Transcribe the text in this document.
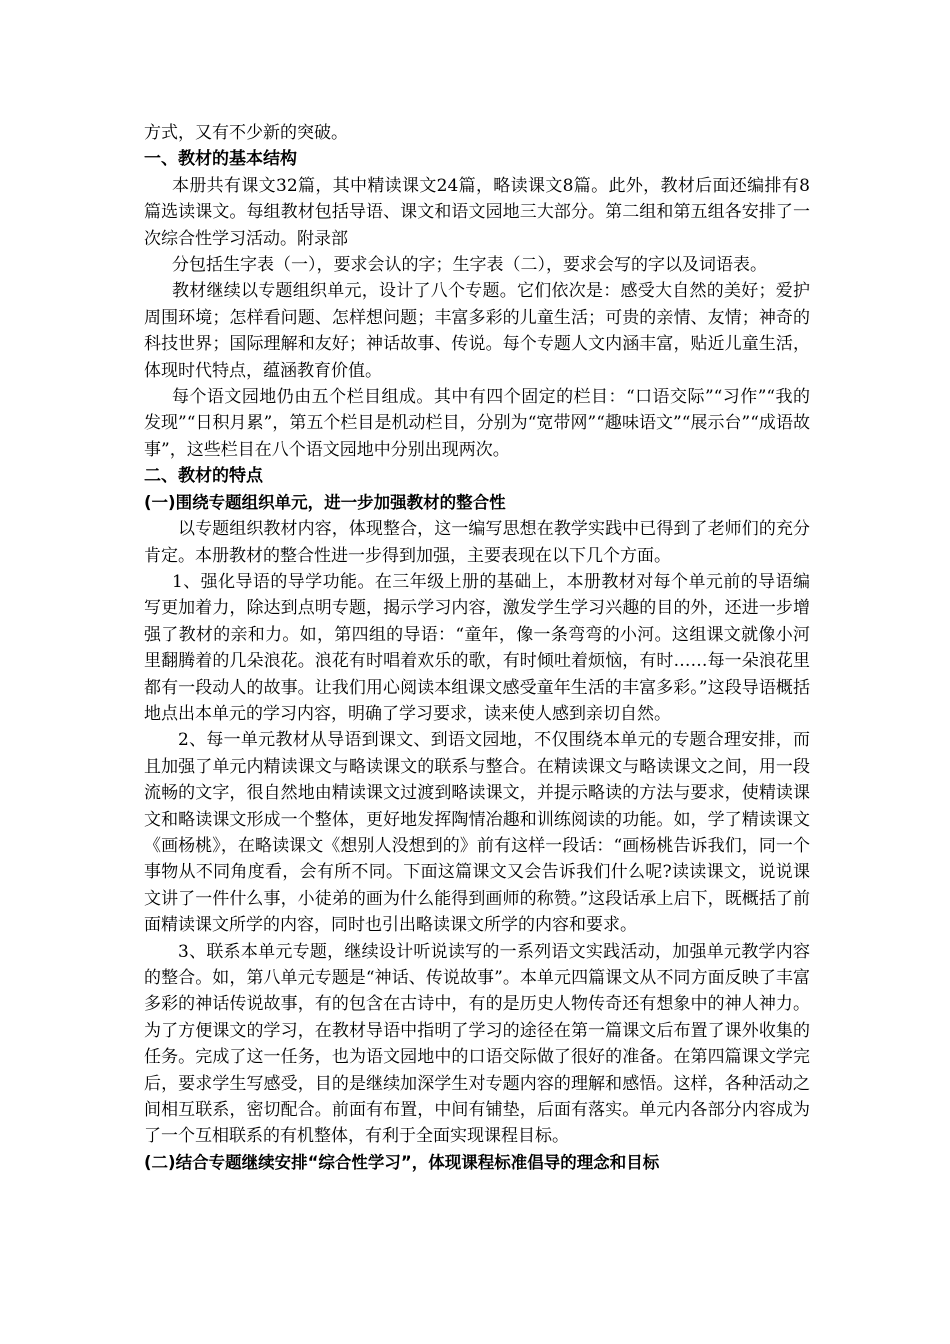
方式，又有不少新的突破。

一、教材的基本结构

本册共有课文32篇，其中精读课文24篇，略读课文8篇。此外，教材后面还编排有8篇选读课文。每组教材包括导语、课文和语文园地三大部分。第二组和第五组各安排了一次综合性学习活动。附录部

分包括生字表（一），要求会认的字；生字表（二），要求会写的字以及词语表。

教材继续以专题组织单元，设计了八个专题。它们依次是：感受大自然的美好；爱护周围环境；怎样看问题、怎样想问题；丰富多彩的儿童生活；可贵的亲情、友情；神奇的科技世界；国际理解和友好；神话故事、传说。每个专题人文内涵丰富，贴近儿童生活，体现时代特点，蕴涵教育价值。

每个语文园地仍由五个栏目组成。其中有四个固定的栏目：“口语交际”“习作”“我的发现”“日积月累”，第五个栏目是机动栏目，分别为“宽带网”“趣味语文”“展示台”“成语故事”，这些栏目在八个语文园地中分别出现两次。

二、教材的特点

(一)围绕专题组织单元，进一步加强教材的整合性

以专题组织教材内容，体现整合，这一编写思想在教学实践中已得到了老师们的充分肯定。本册教材的整合性进一步得到加强，主要表现在以下几个方面。

1、强化导语的导学功能。在三年级上册的基础上，本册教材对每个单元前的导语编写更加着力，除达到点明专题，揭示学习内容，激发学生学习兴趣的目的外，还进一步增强了教材的亲和力。如，第四组的导语：“童年，像一条弯弯的小河。这组课文就像小河里翻腾着的几朵浪花。浪花有时唱着欢乐的歌，有时倾吐着烦恼，有时……每一朵浪花里都有一段动人的故事。让我们用心阅读本组课文感受童年生活的丰富多彩。”这段导语概括地点出本单元的学习内容，明确了学习要求，读来使人感到亲切自然。

2、每一单元教材从导语到课文、到语文园地，不仅围绕本单元的专题合理安排，而且加强了单元内精读课文与略读课文的联系与整合。在精读课文与略读课文之间，用一段流畅的文字，很自然地由精读课文过渡到略读课文，并提示略读的方法与要求，使精读课文和略读课文形成一个整体，更好地发挥陶情冶趣和训练阅读的功能。如，学了精读课文《画杨桃》，在略读课文《想别人没想到的》前有这样一段话：“画杨桃告诉我们，同一个事物从不同角度看，会有所不同。下面这篇课文又会告诉我们什么呢?读读课文，说说课文讲了一件什么事，小徒弟的画为什么能得到画师的称赞。”这段话承上启下，既概括了前面精读课文所学的内容，同时也引出略读课文所学的内容和要求。

3、联系本单元专题，继续设计听说读写的一系列语文实践活动，加强单元教学内容的整合。如，第八单元专题是“神话、传说故事”。本单元四篇课文从不同方面反映了丰富多彩的神话传说故事，有的包含在古诗中，有的是历史人物传奇还有想象中的神人神力。为了方便课文的学习，在教材导语中指明了学习的途径在第一篇课文后布置了课外收集的任务。完成了这一任务，也为语文园地中的口语交际做了很好的准备。在第四篇课文学完后，要求学生写感受，目的是继续加深学生对专题内容的理解和感悟。这样，各种活动之间相互联系，密切配合。前面有布置，中间有铺垫，后面有落实。单元内各部分内容成为了一个互相联系的有机整体，有利于全面实现课程目标。

(二)结合专题继续安排“综合性学习”，体现课程标准倡导的理念和目标
